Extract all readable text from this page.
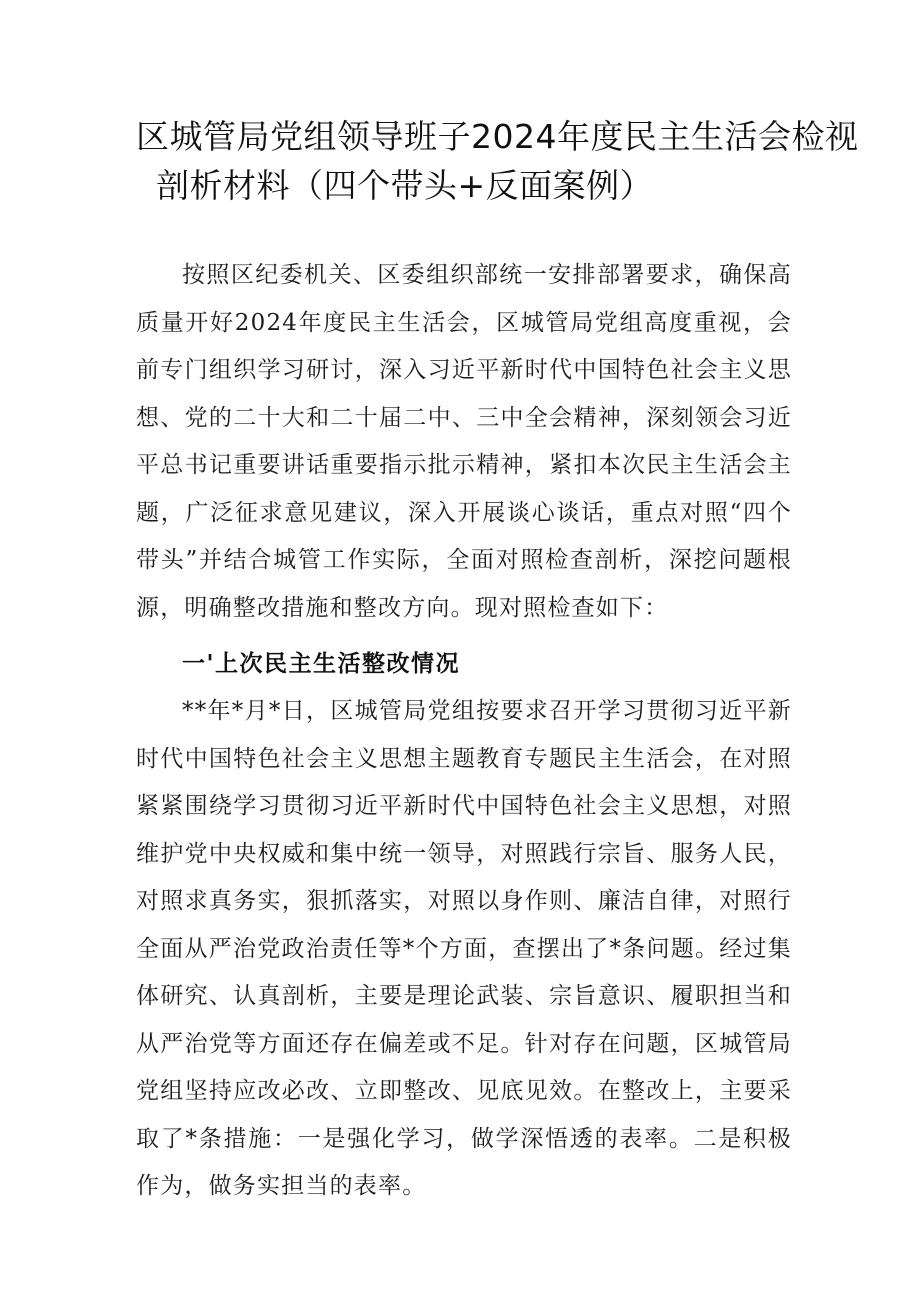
区城管局党组领导班子2024年度民主生活会检视
剖析材料（四个带头+反面案例）

按照区纪委机关、区委组织部统一安排部署要求，确保高质量开好2024年度民主生活会，区城管局党组高度重视，会前专门组织学习研讨，深入习近平新时代中国特色社会主义思想、党的二十大和二十届二中、三中全会精神，深刻领会习近平总书记重要讲话重要指示批示精神，紧扣本次民主生活会主题，广泛征求意见建议，深入开展谈心谈话，重点对照“四个带头”并结合城管工作实际，全面对照检查剖析，深挖问题根源，明确整改措施和整改方向。现对照检查如下：

一'上次民主生活整改情况

**年*月*日，区城管局党组按要求召开学习贯彻习近平新时代中国特色社会主义思想主题教育专题民主生活会，在对照紧紧围绕学习贯彻习近平新时代中国特色社会主义思想，对照维护党中央权威和集中统一领导，对照践行宗旨、服务人民，对照求真务实，狠抓落实，对照以身作则、廉洁自律，对照行全面从严治党政治责任等*个方面，查摆出了*条问题。经过集体研究、认真剖析，主要是理论武装、宗旨意识、履职担当和从严治党等方面还存在偏差或不足。针对存在问题，区城管局党组坚持应改必改、立即整改、见底见效。在整改上，主要采取了*条措施：一是强化学习，做学深悟透的表率。二是积极作为，做务实担当的表率。
